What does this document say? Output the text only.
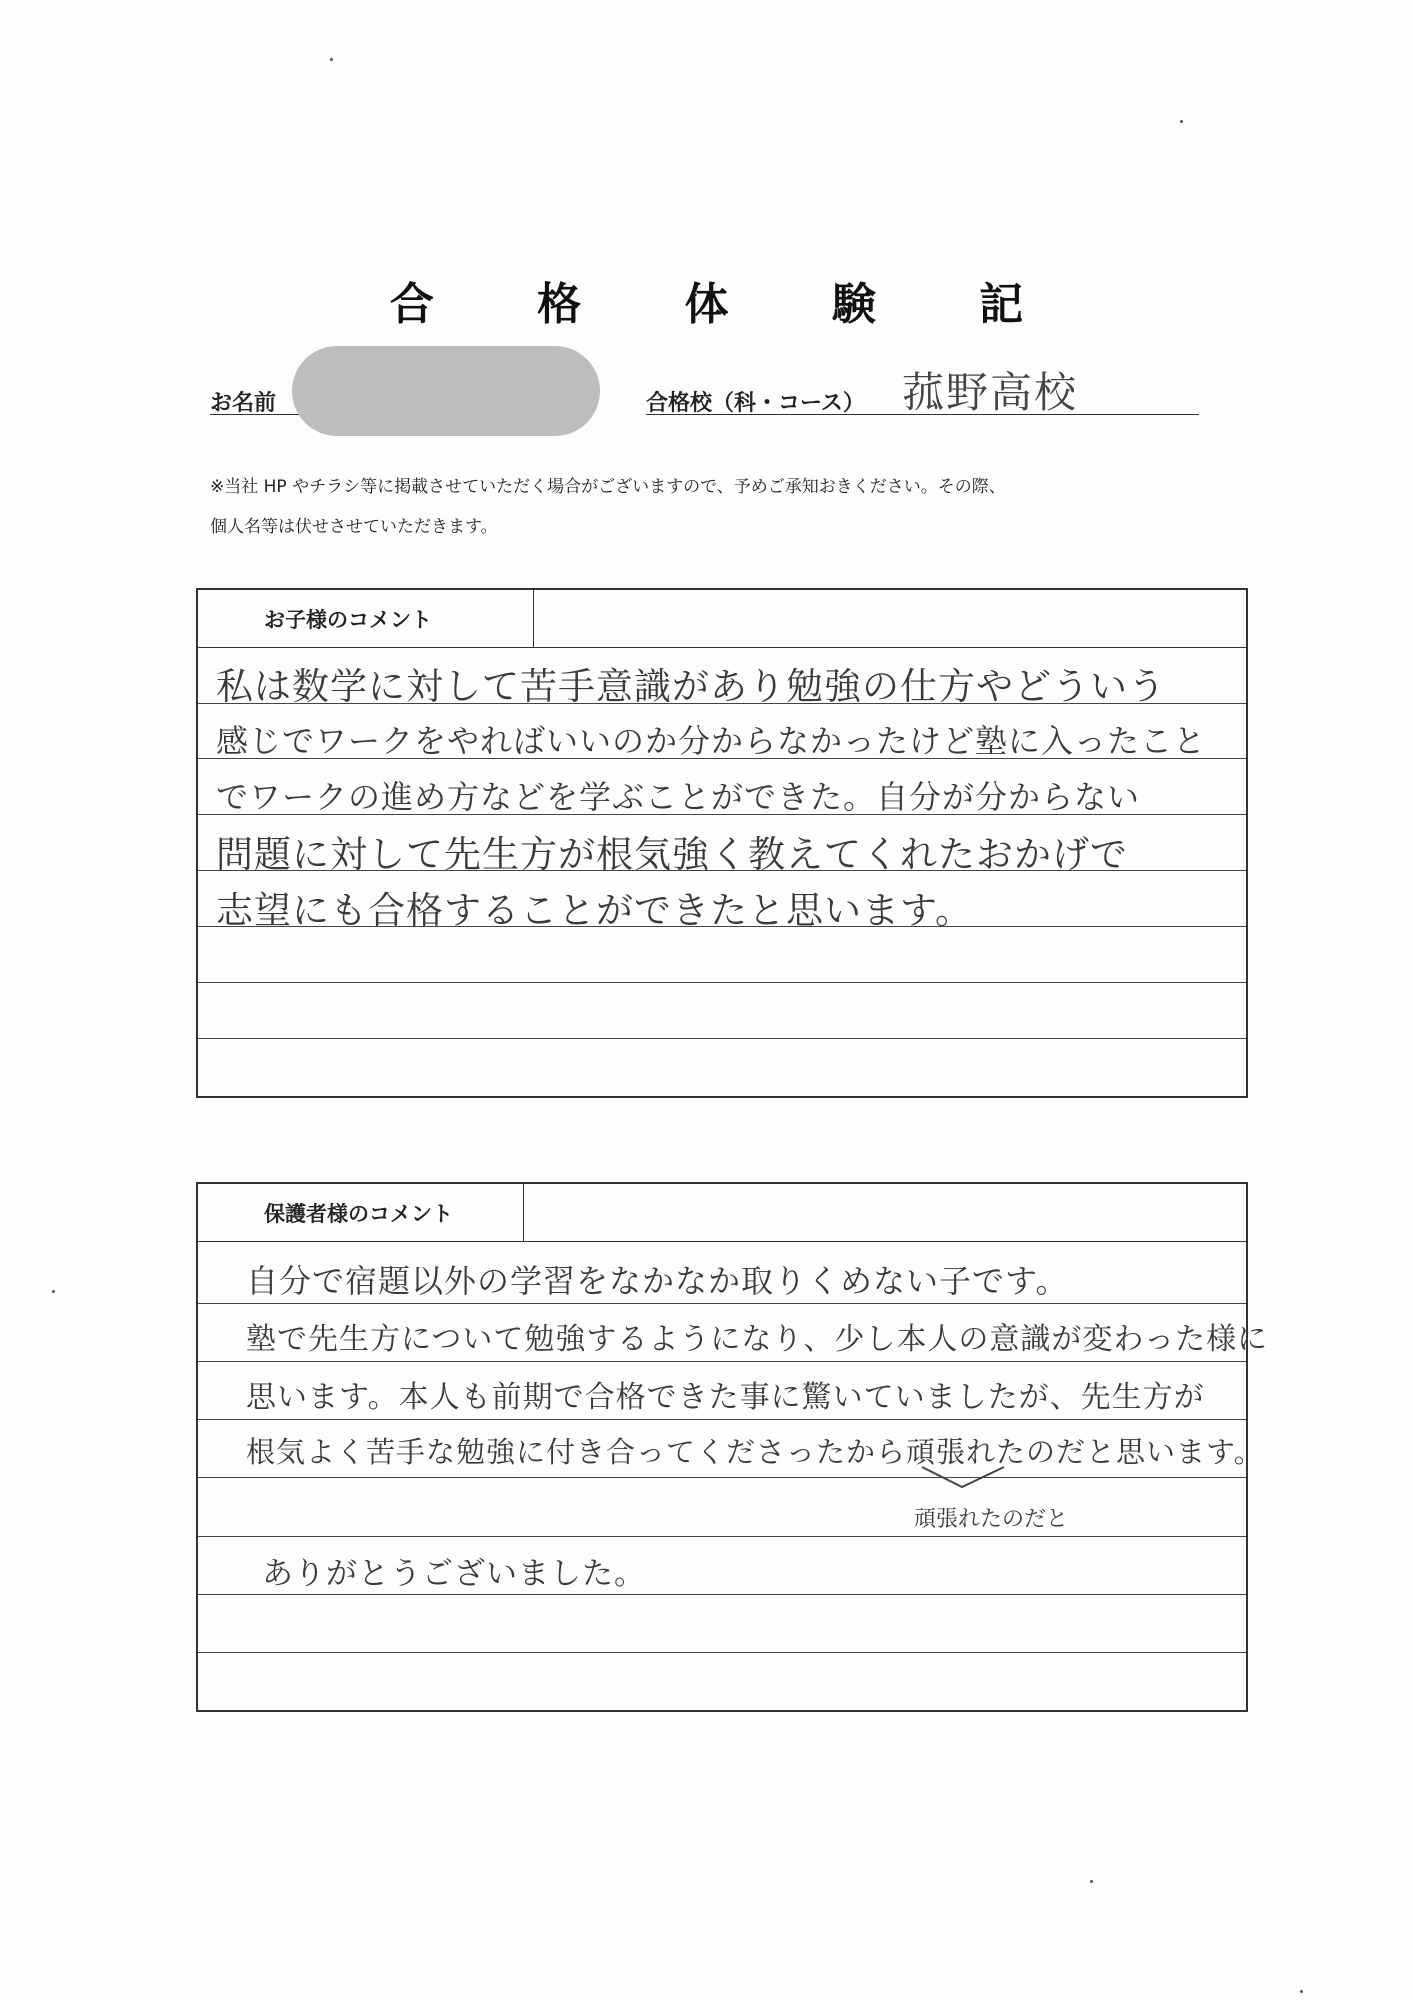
合 格 体 験 記
お名前	合格校（科・コース） 菰野高校
※当社 HP やチラシ等に掲載させていただく場合がございますので、予めご承知おきください。その際、
個人名等は伏せさせていただきます。
お子様のコメント
私は数学に対して苦手意識があり勉強の仕方やどういう
感じでワークをやればいいのか分からなかったけど塾に入ったこと
でワークの進め方などを学ぶことができた。自分が分からない
問題に対して先生方が根気強く教えてくれたおかげで
志望にも合格することができたと思います。
保護者様のコメント
自分で宿題以外の学習をなかなか取りくめない子です。
塾で先生方について勉強するようになり、少し本人の意識が変わった様に
思います。本人も前期で合格できた事に驚いていましたが、先生方が
根気よく苦手な勉強に付き合ってくださったから頑張れたのだと思います。
ありがとうございました。
頑張れたのだと
